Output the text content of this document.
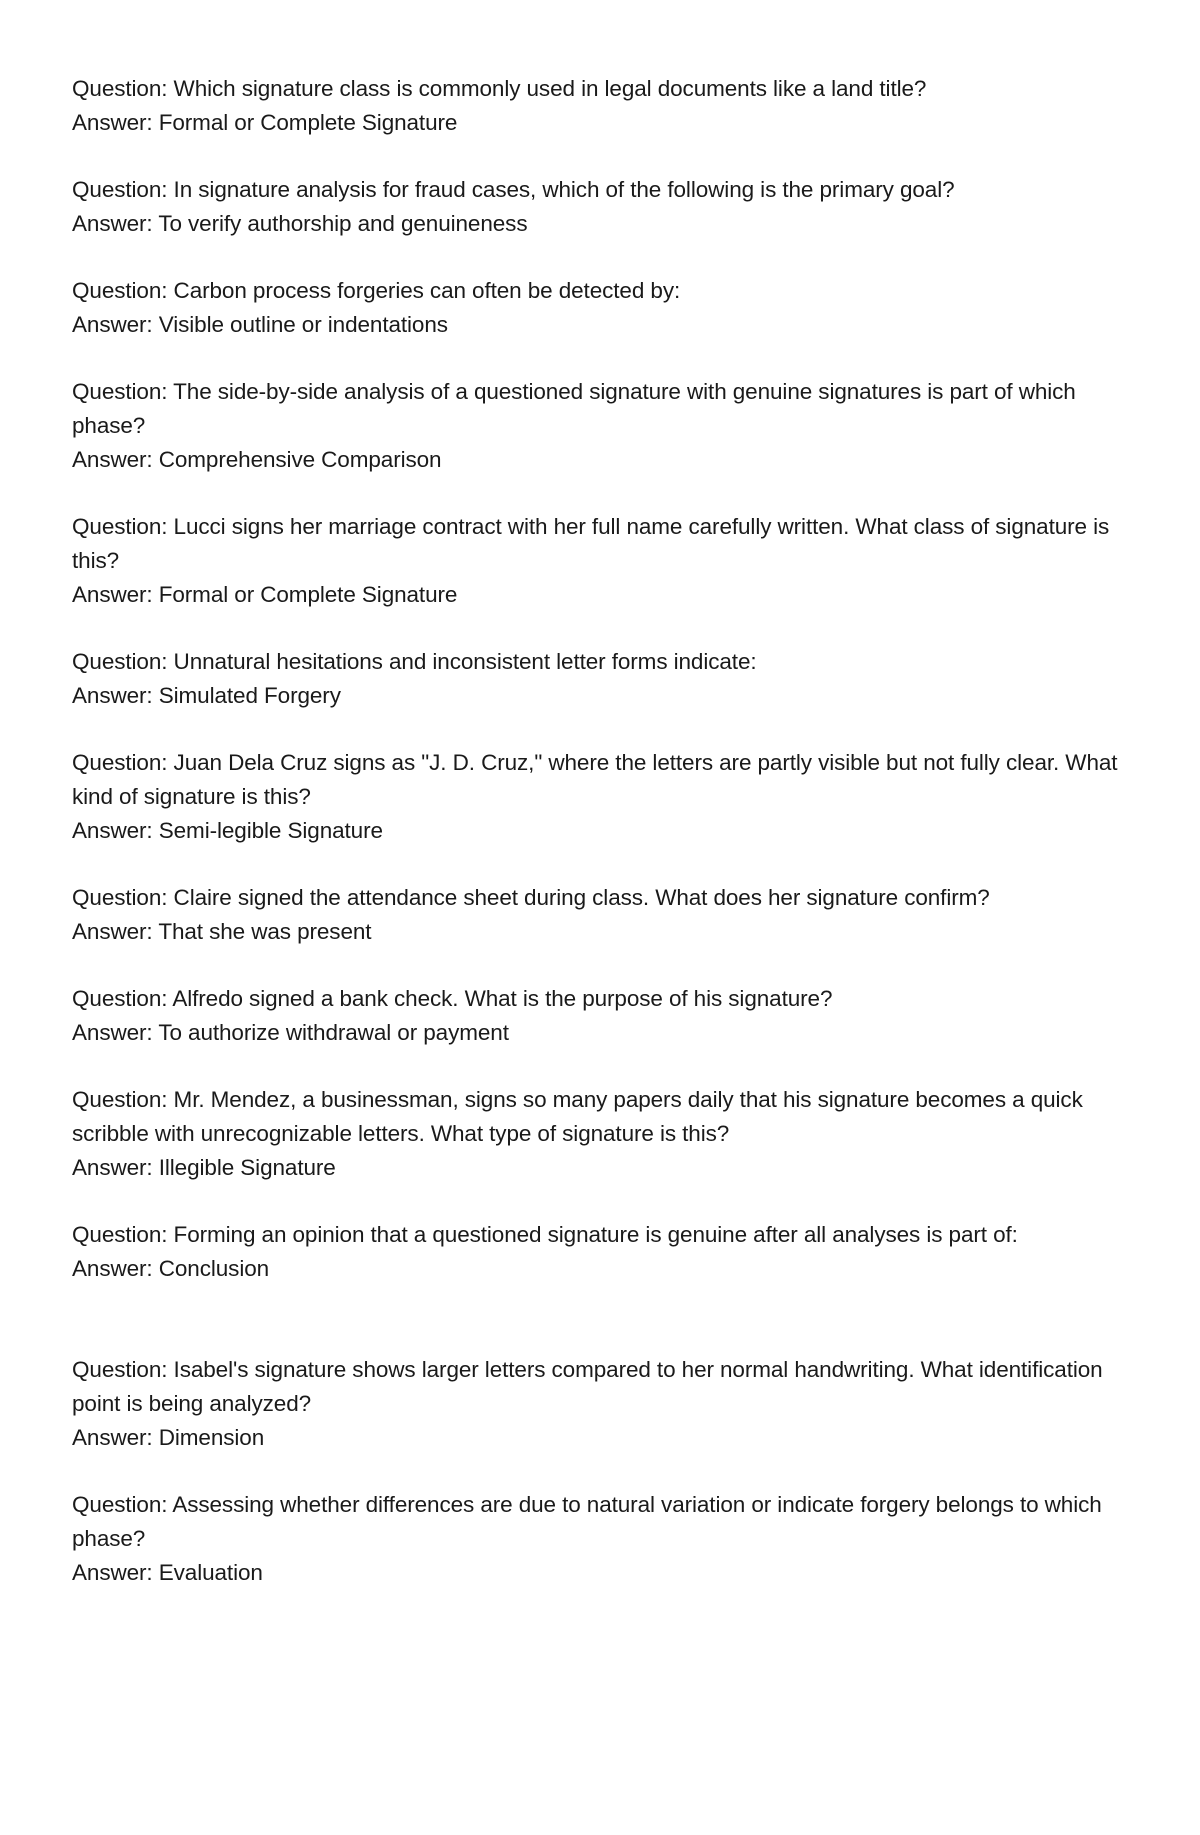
Question: Which signature class is commonly used in legal documents like a land title?

Answer: Formal or Complete Signature

Question: In signature analysis for fraud cases, which of the following is the primary goal?

Answer: To verify authorship and genuineness

Question: Carbon process forgeries can often be detected by:

Answer: Visible outline or indentations

Question: The side-by-side analysis of a questioned signature with genuine signatures is part of which phase?

Answer: Comprehensive Comparison

Question: Lucci signs her marriage contract with her full name carefully written. What class of signature is this?

Answer: Formal or Complete Signature

Question: Unnatural hesitations and inconsistent letter forms indicate:

Answer: Simulated Forgery

Question: Juan Dela Cruz signs as "J. D. Cruz," where the letters are partly visible but not fully clear. What kind of signature is this?

Answer: Semi-legible Signature

Question: Claire signed the attendance sheet during class. What does her signature confirm?

Answer: That she was present

Question: Alfredo signed a bank check. What is the purpose of his signature?

Answer: To authorize withdrawal or payment

Question: Mr. Mendez, a businessman, signs so many papers daily that his signature becomes a quick scribble with unrecognizable letters. What type of signature is this?

Answer: Illegible Signature

Question: Forming an opinion that a questioned signature is genuine after all analyses is part of:

Answer: Conclusion

Question: Isabel's signature shows larger letters compared to her normal handwriting. What identification point is being analyzed?

Answer: Dimension

Question: Assessing whether differences are due to natural variation or indicate forgery belongs to which phase?

Answer: Evaluation
